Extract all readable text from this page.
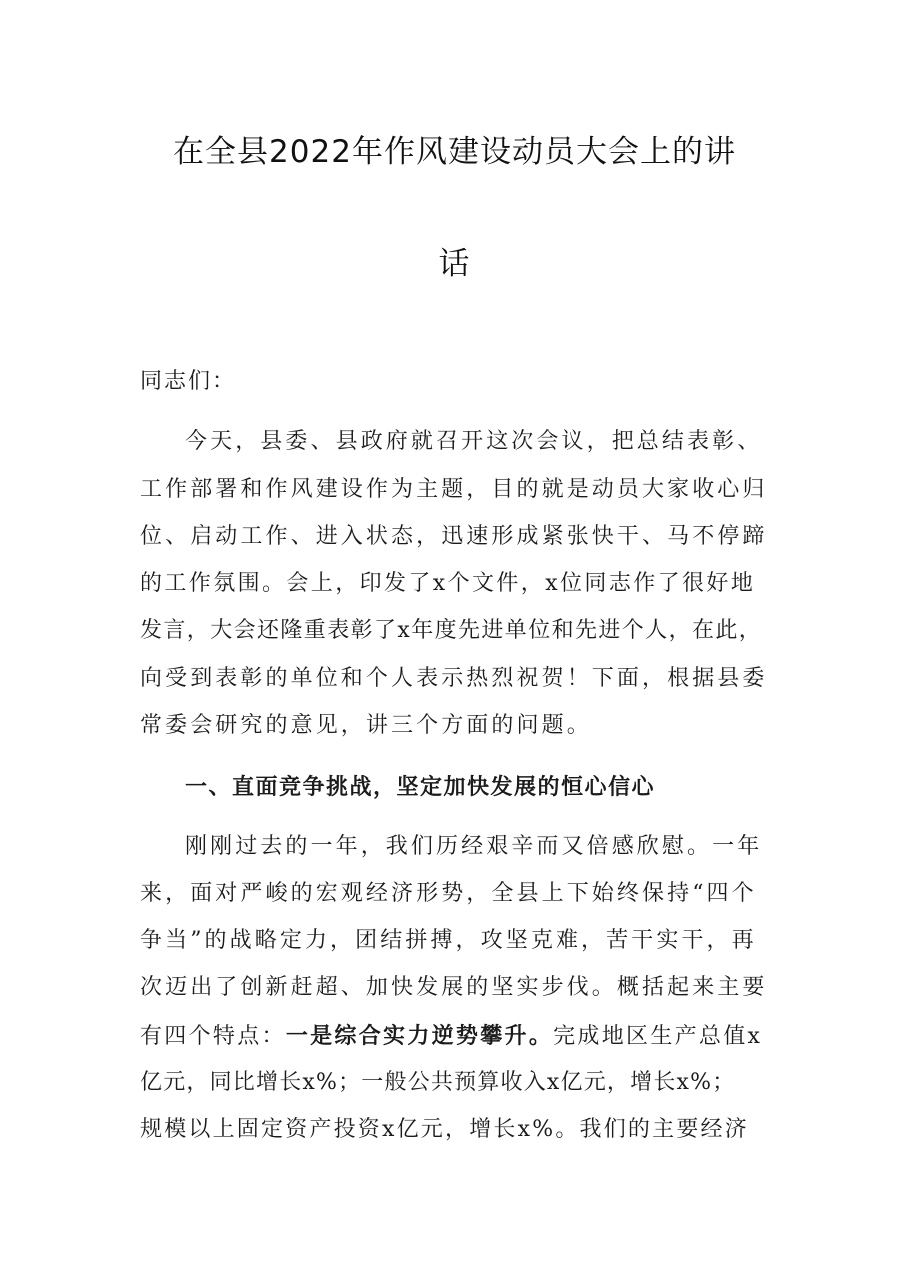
在全县2022年作风建设动员大会上的讲
话
同志们：
今天，县委、县政府就召开这次会议，把总结表彰、
工作部署和作风建设作为主题，目的就是动员大家收心归
位、启动工作、进入状态，迅速形成紧张快干、马不停蹄
的工作氛围。会上，印发了x个文件，x位同志作了很好地
发言，大会还隆重表彰了x年度先进单位和先进个人，在此，
向受到表彰的单位和个人表示热烈祝贺！下面，根据县委
常委会研究的意见，讲三个方面的问题。
一、直面竞争挑战，坚定加快发展的恒心信心
刚刚过去的一年，我们历经艰辛而又倍感欣慰。一年
来，面对严峻的宏观经济形势，全县上下始终保持“四个
争当”的战略定力，团结拼搏，攻坚克难，苦干实干，再
次迈出了创新赶超、加快发展的坚实步伐。概括起来主要
有四个特点：一是综合实力逆势攀升。完成地区生产总值x
亿元，同比增长x%；一般公共预算收入x亿元，增长x%；
规模以上固定资产投资x亿元，增长x%。我们的主要经济
